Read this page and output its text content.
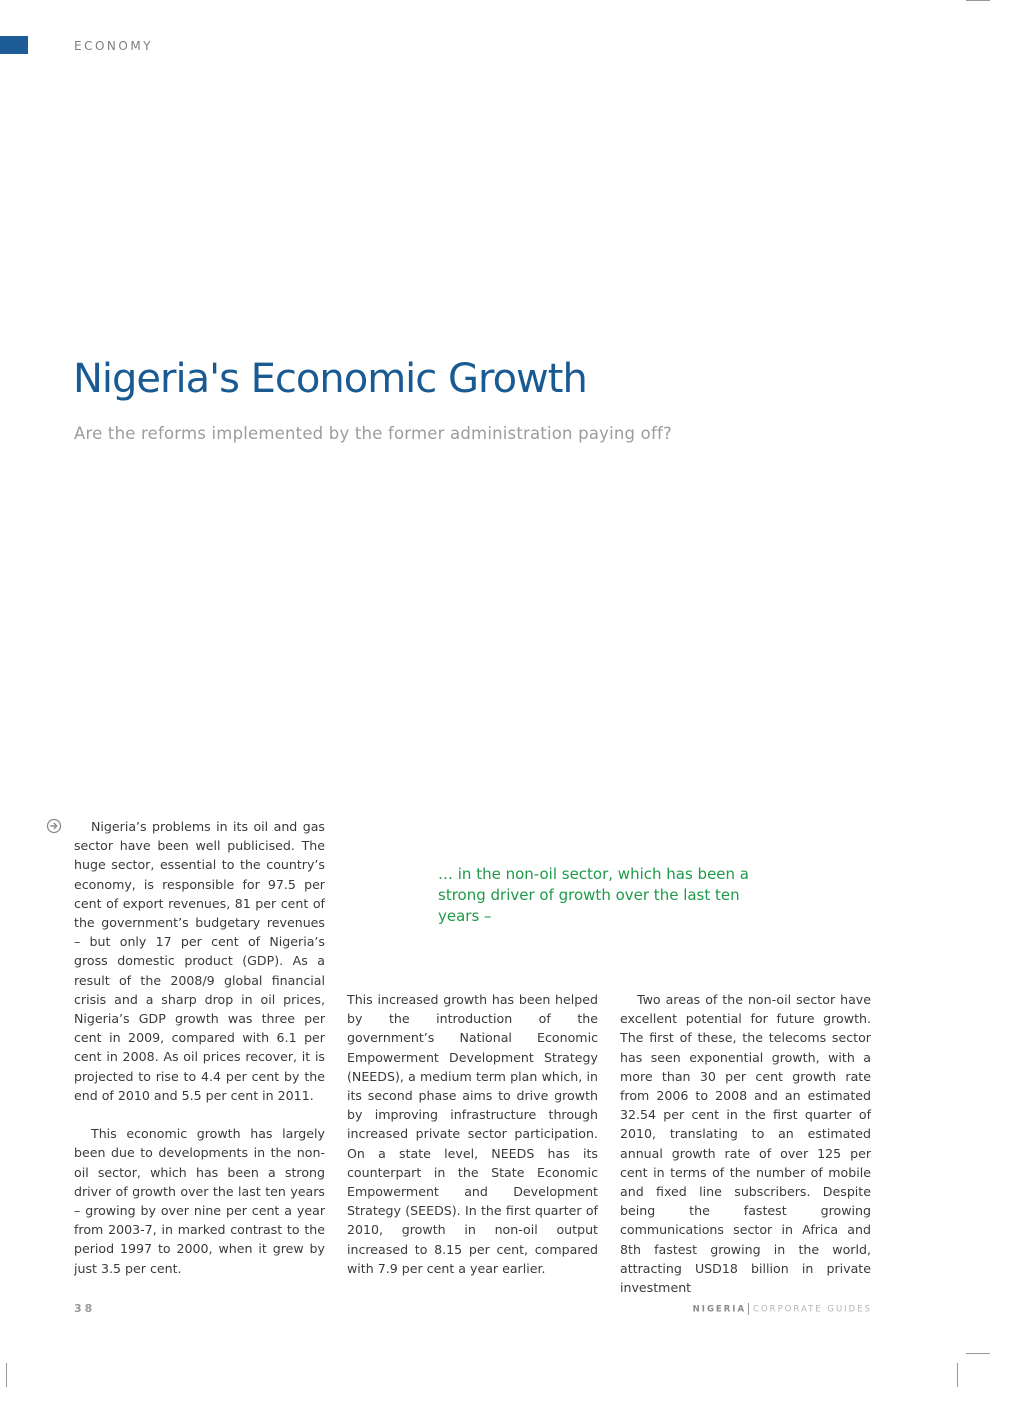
ECONOMY
Nigeria's Economic Growth

Are the reforms implemented by the former administration paying off?

Nigeria’s problems in its oil and gas sector have been well publicised. The huge sector, essential to the country’s economy, is responsible for 97.5 per cent of export revenues, 81 per cent of the government’s budgetary revenues – but only 17 per cent of Nigeria’s gross domestic product (GDP). As a result of the 2008/9 global financial crisis and a sharp drop in oil prices, Nigeria’s GDP growth was three per cent in 2009, compared with 6.1 per cent in 2008. As oil prices recover, it is projected to rise to 4.4 per cent by the end of 2010 and 5.5 per cent in 2011.

This economic growth has largely been due to developments in the non-oil sector, which has been a strong driver of growth over the last ten years – growing by over nine per cent a year from 2003-7, in marked contrast to the period 1997 to 2000, when it grew by just 3.5 per cent.

… in the non-oil sector, which has been a strong driver of growth over the last ten years –

This increased growth has been helped by the introduction of the government’s National Economic Empowerment Development Strategy (NEEDS), a medium term plan which, in its second phase aims to drive growth by improving infrastructure through increased private sector participation. On a state level, NEEDS has its counterpart in the State Economic Empowerment and Development Strategy (SEEDS). In the first quarter of 2010, growth in non-oil output increased to 8.15 per cent, compared with 7.9 per cent a year earlier.

Two areas of the non-oil sector have excellent potential for future growth. The first of these, the telecoms sector has seen exponential growth, with a more than 30 per cent growth rate from 2006 to 2008 and an estimated 32.54 per cent in the first quarter of 2010, translating to an estimated annual growth rate of over 125 per cent in terms of the number of mobile and fixed line subscribers. Despite being the fastest growing communications sector in Africa and 8th fastest growing in the world, attracting USD18 billion in private investment

38	NIGERIA CORPORATE GUIDES
